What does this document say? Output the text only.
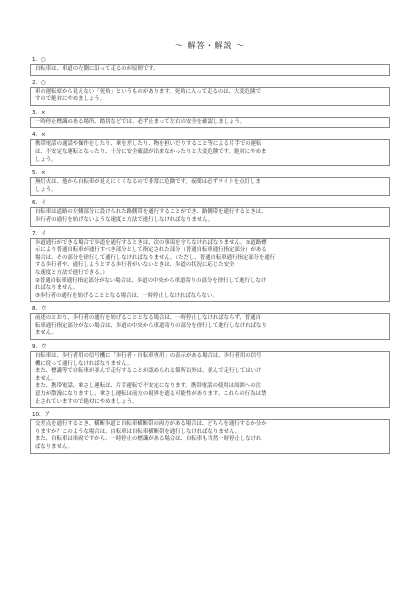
〜 解答・解説 〜
1．○
自転車は、車道の左側に沿って走るのが原則です。
2．○
車の運転席から見えない「死角」というものがあります。死角に入って走るのは、大変危険で
すので絶対にやめましょう。
3．×
一時停止標識のある場所、踏切などでは、必ず止まって左右の安全を確認しましょう。
4．×
携帯電話の通話や操作をしたり、傘を差したり、物を担いだりすること等による片手での運転
は、不安定な運転となったり、十分に安全確認が出来なかったりと大変危険です。絶対にやめま
しょう。
5．×
無灯火は、他から自転車が見えにくくなるので非常に危険です。夜間は必ずライトを点灯しま
しょう。
6．イ
自転車は道路の左側部分に設けられた路側帯を通行することができ、路側帯を通行するときは、
歩行者の通行を妨げないような速度と方法で進行しなければなりません。
7．イ
歩道通行ができる場合で歩道を通行するときは、次の事項を守らなければなりません。①道路標
示により普通自転車が通行すべき部分として指定された部分（普通自転車通行指定部分）がある
場合は、その部分を徐行して通行しなければなりません。（ただし、普通自転車通行指定部分を通行
する歩行者や、通行しようとする歩行者がいないときは、歩道の状況に応じた安全
な速度と方法で進行できる。）
②普通自転車通行指定部分がない場合は、歩道の中央から車道寄りの部分を徐行して進行しなけ
ればなりません。
③歩行者の通行を妨げることとなる場合は、一時停止しなければならない。
8．ウ
前述のとおり、歩行者の通行を妨げることとなる場合は、一時停止しなければならず、普通自
転車通行指定部分がない場合は、歩道の中央から車道寄りの部分を徐行して進行しなければなり
ません。
9．ウ
自転車は、歩行者用の信号機に「歩行者・自転車専用」の表示がある場合は、歩行者用の信号
機に従って通行しなければなりません。
また、標識等で自転車が並んで走行することが認められる箇所以外は、並んで走行してはいけ
ません。
また、携帯電話、傘さし運転は、片手運転で不安定になります。携帯電話の使用は周囲への注
意力が散漫になりますし、傘さし運転は前方の視界を遮る可能性があります。これらの行為は禁
止されていますので絶対にやめましょう。
10．ア
交差点を通行するとき、横断歩道と自転車横断帯の両方がある場合は、どちらを通行するか分か
りますか？このような場合は、自転車は自転車横断帯を通行しなければなりません。
また、自転車は車両ですから、一時停止の標識がある場合は、自転車も当然一時停止しなけれ
ばなりません。
